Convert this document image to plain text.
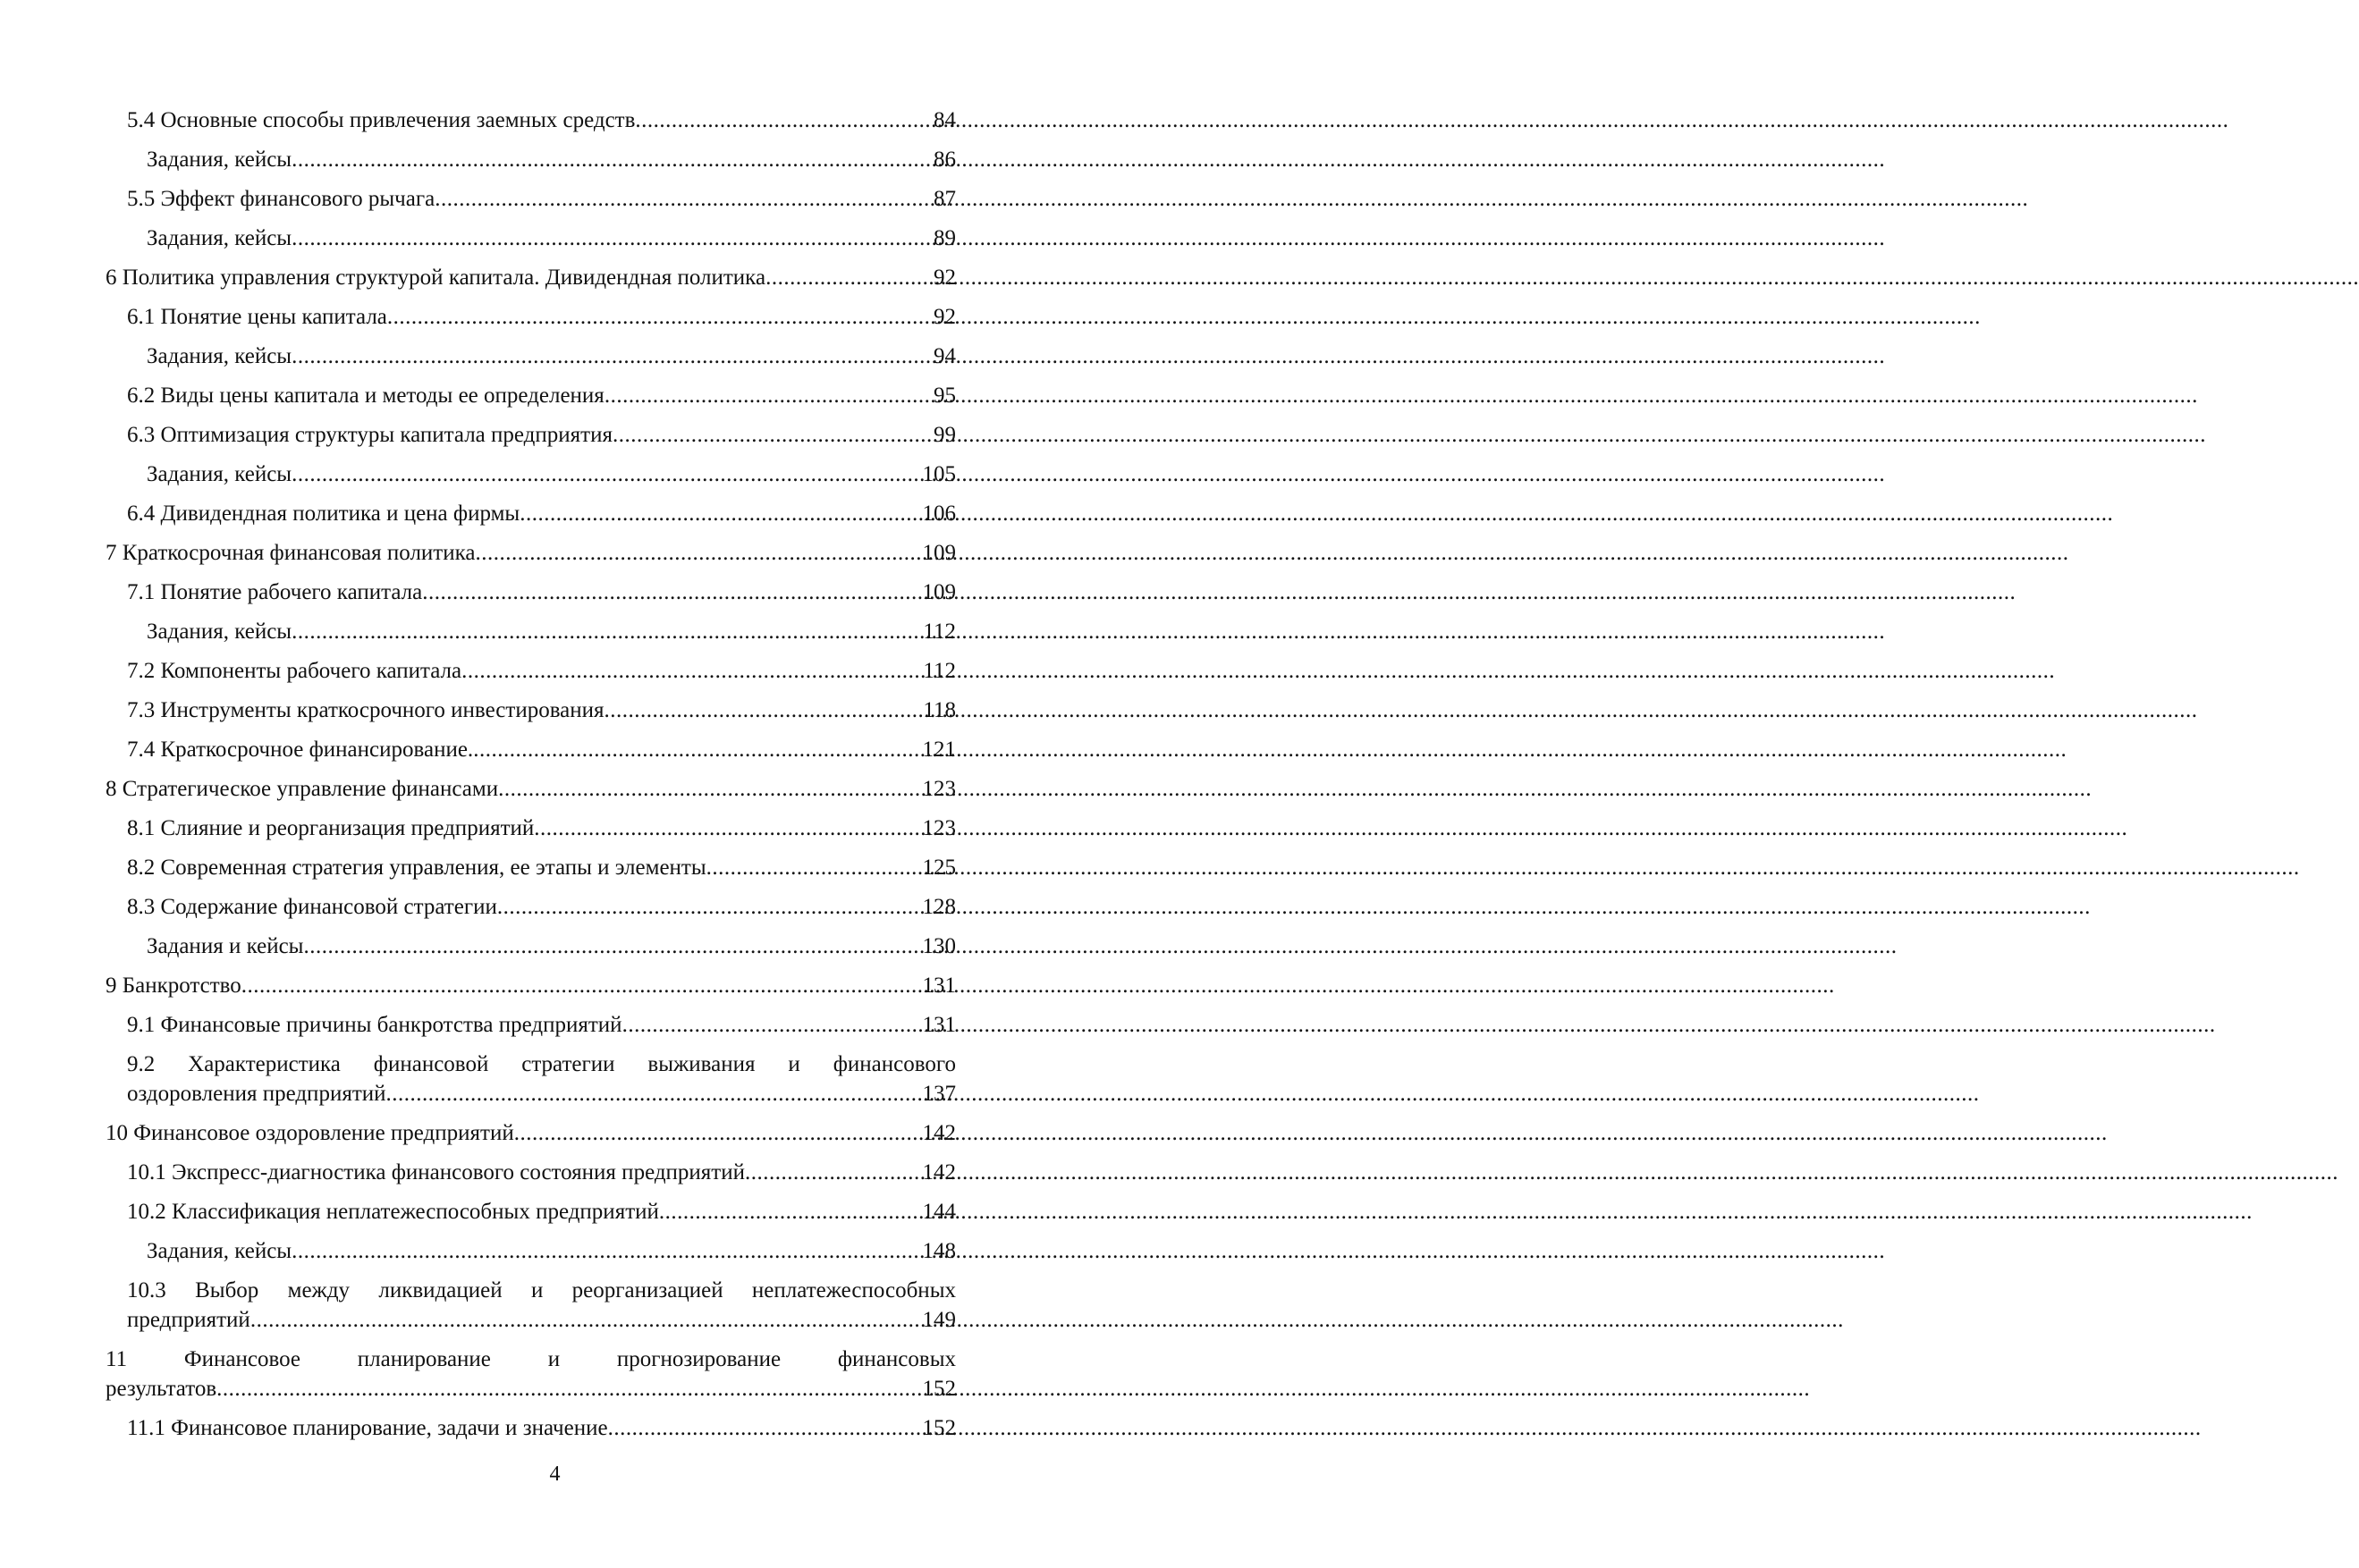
5.4 Основные способы привлечения заемных средств .....	84
Задания, кейсы .....	86
5.5 Эффект финансового рычага .....	87
Задания, кейсы .....	89
6 Политика управления структурой капитала. Дивидендная политика .....	92
6.1 Понятие цены капитала .....	92
Задания, кейсы .....	94
6.2 Виды цены капитала и методы ее определения .....	95
6.3 Оптимизация структуры капитала предприятия .....	99
Задания, кейсы .....	105
6.4 Дивидендная политика и цена фирмы .....	106
7 Краткосрочная финансовая политика .....	109
7.1 Понятие рабочего капитала .....	109
Задания, кейсы .....	112
7.2 Компоненты рабочего капитала .....	112
7.3 Инструменты краткосрочного инвестирования .....	118
7.4 Краткосрочное финансирование. .....	121
8 Стратегическое управление финансами .....	123
8.1 Слияние и реорганизация предприятий .....	123
8.2 Современная стратегия управления, ее этапы и элементы .....	125
8.3 Содержание финансовой стратегии .....	128
Задания и кейсы .....	130
9 Банкротство .....	131
9.1 Финансовые причины банкротства предприятий .....	131
9.2 Характеристика финансовой стратегии выживания и финансового
оздоровления предприятий .....	137
10 Финансовое оздоровление предприятий .....	142
10.1 Экспресс-диагностика финансового состояния предприятий .....	142
10.2 Классификация неплатежеспособных предприятий .....	144
Задания, кейсы .....	148
10.3 Выбор между ликвидацией и реорганизацией неплатежеспособных
предприятий .....	149
11 Финансовое планирование и прогнозирование финансовых
результатов .....	152
11.1 Финансовое планирование, задачи и значение .....	152
4
